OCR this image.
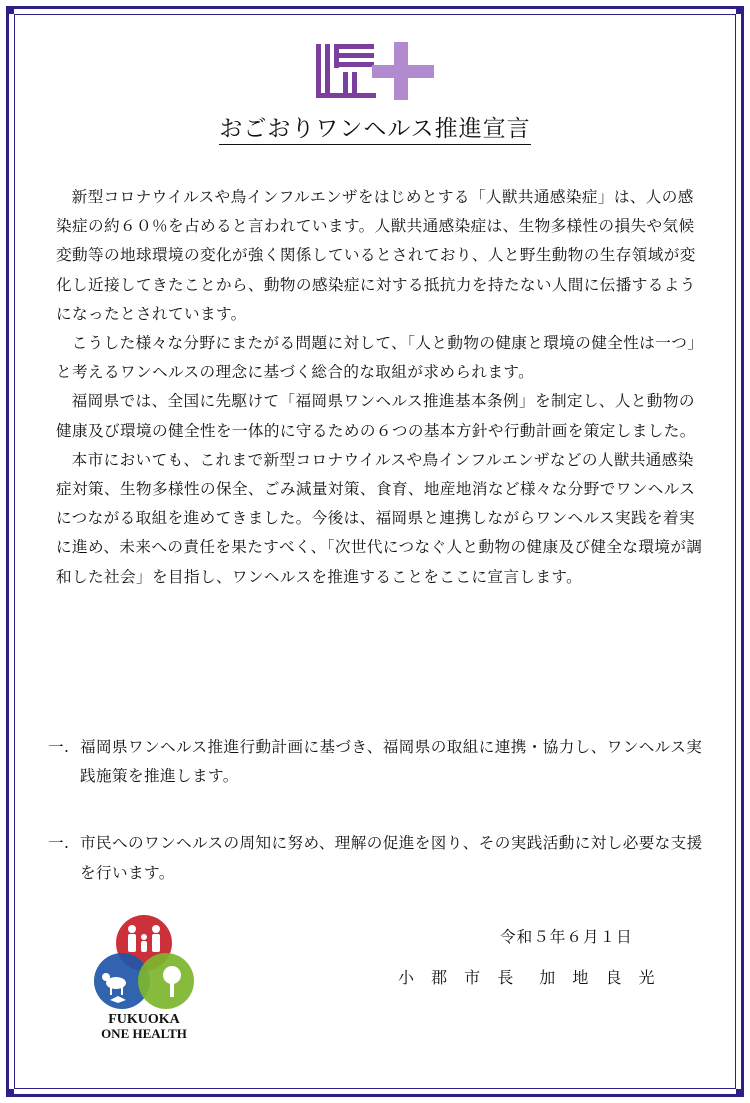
おごおりワンヘルス推進宣言

新型コロナウイルスや鳥インフルエンザをはじめとする「人獣共通感染症」は、人の感染症の約６０％を占めると言われています。人獣共通感染症は、生物多様性の損失や気候変動等の地球環境の変化が強く関係しているとされており、人と野生動物の生存領域が変化し近接してきたことから、動物の感染症に対する抵抗力を持たない人間に伝播するようになったとされています。

こうした様々な分野にまたがる問題に対して、「人と動物の健康と環境の健全性は一つ」と考えるワンヘルスの理念に基づく総合的な取組が求められます。

福岡県では、全国に先駆けて「福岡県ワンヘルス推進基本条例」を制定し、人と動物の健康及び環境の健全性を一体的に守るための６つの基本方針や行動計画を策定しました。

本市においても、これまで新型コロナウイルスや鳥インフルエンザなどの人獣共通感染症対策、生物多様性の保全、ごみ減量対策、食育、地産地消など様々な分野でワンヘルスにつながる取組を進めてきました。今後は、福岡県と連携しながらワンヘルス実践を着実に進め、未来への責任を果たすべく、「次世代につなぐ人と動物の健康及び健全な環境が調和した社会」を目指し、ワンヘルスを推進することをここに宣言します。

一. 福岡県ワンヘルス推進行動計画に基づき、福岡県の取組に連携・協力し、ワンヘルス実践施策を推進します。
一. 市民へのワンヘルスの周知に努め、理解の促進を図り、その実践活動に対し必要な支援を行います。
令和５年６月１日
小 郡 市 長 加 地 良 光
FUKUOKA
ONE HEALTH
